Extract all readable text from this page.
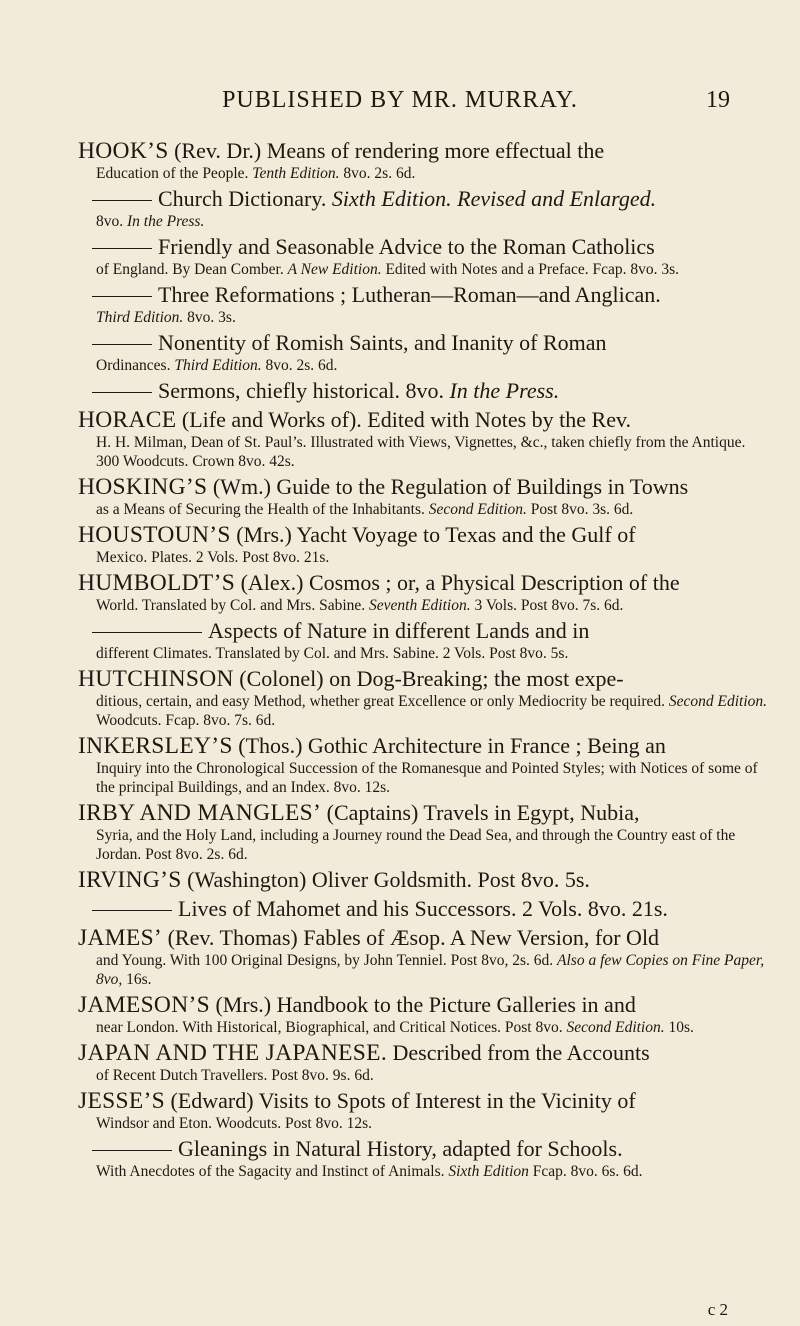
PUBLISHED BY MR. MURRAY.	19
HOOK’S (Rev. Dr.) Means of rendering more effectual the
Education of the People. Tenth Edition. 8vo. 2s. 6d.
Church Dictionary. Sixth Edition. Revised and Enlarged.
8vo. In the Press.
Friendly and Seasonable Advice to the Roman Catholics
of England. By Dean Comber. A New Edition. Edited with Notes and a Preface. Fcap. 8vo. 3s.
Three Reformations ; Lutheran—Roman—and Anglican.
Third Edition. 8vo. 3s.
Nonentity of Romish Saints, and Inanity of Roman
Ordinances. Third Edition. 8vo. 2s. 6d.
Sermons, chiefly historical. 8vo. In the Press.
HORACE (Life and Works of). Edited with Notes by the Rev.
H. H. Milman, Dean of St. Paul’s. Illustrated with Views, Vignettes, &c., taken chiefly from the Antique. 300 Woodcuts. Crown 8vo. 42s.
HOSKING’S (Wm.) Guide to the Regulation of Buildings in Towns
as a Means of Securing the Health of the Inhabitants. Second Edition. Post 8vo. 3s. 6d.
HOUSTOUN’S (Mrs.) Yacht Voyage to Texas and the Gulf of
Mexico. Plates. 2 Vols. Post 8vo. 21s.
HUMBOLDT’S (Alex.) Cosmos ; or, a Physical Description of the
World. Translated by Col. and Mrs. Sabine. Seventh Edition. 3 Vols. Post 8vo. 7s. 6d.
Aspects of Nature in different Lands and in
different Climates. Translated by Col. and Mrs. Sabine. 2 Vols. Post 8vo. 5s.
HUTCHINSON (Colonel) on Dog-Breaking; the most expe-
ditious, certain, and easy Method, whether great Excellence or only Mediocrity be required. Second Edition. Woodcuts. Fcap. 8vo. 7s. 6d.
INKERSLEY’S (Thos.) Gothic Architecture in France ; Being an
Inquiry into the Chronological Succession of the Romanesque and Pointed Styles; with Notices of some of the principal Buildings, and an Index. 8vo. 12s.
IRBY AND MANGLES’ (Captains) Travels in Egypt, Nubia,
Syria, and the Holy Land, including a Journey round the Dead Sea, and through the Country east of the Jordan. Post 8vo. 2s. 6d.
IRVING’S (Washington) Oliver Goldsmith. Post 8vo. 5s.
Lives of Mahomet and his Successors. 2 Vols. 8vo. 21s.
JAMES’ (Rev. Thomas) Fables of Æsop. A New Version, for Old
and Young. With 100 Original Designs, by John Tenniel. Post 8vo, 2s. 6d. Also a few Copies on Fine Paper, 8vo, 16s.
JAMESON’S (Mrs.) Handbook to the Picture Galleries in and
near London. With Historical, Biographical, and Critical Notices. Post 8vo. Second Edition. 10s.
JAPAN AND THE JAPANESE. Described from the Accounts
of Recent Dutch Travellers. Post 8vo. 9s. 6d.
JESSE’S (Edward) Visits to Spots of Interest in the Vicinity of
Windsor and Eton. Woodcuts. Post 8vo. 12s.
Gleanings in Natural History, adapted for Schools.
With Anecdotes of the Sagacity and Instinct of Animals. Sixth Edition Fcap. 8vo. 6s. 6d.
c 2
